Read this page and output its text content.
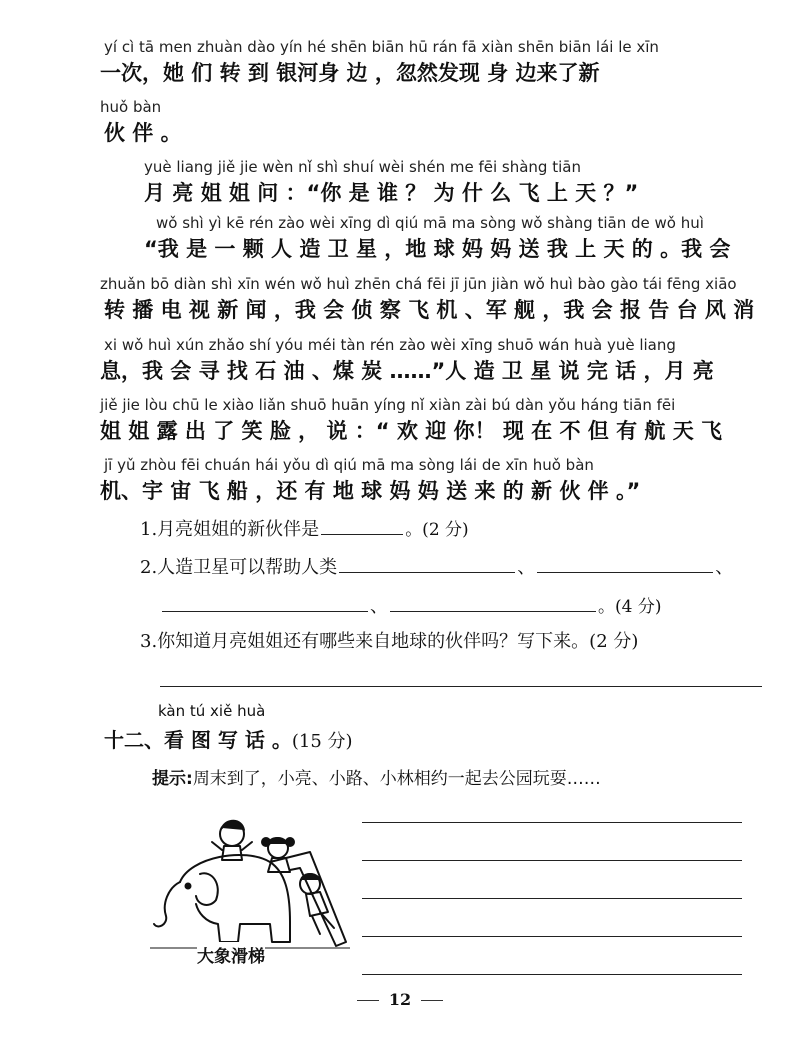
yí cì tā men zhuàn dào yín hé shēn biān hū rán fā xiàn shēn biān lái le xīn
一次，她 们 转 到 银河身 边 ，忽然发现 身 边来了新
huǒ bàn
伙 伴 。
yuè liang jiě jie wèn nǐ shì shuí wèi shén me fēi shàng tiān
月 亮 姐 姐 问 ：“你 是 谁 ？ 为 什 么 飞 上 天 ？”
wǒ shì yì kē rén zào wèi xīng dì qiú mā ma sòng wǒ shàng tiān de wǒ huì
“我 是 一 颗 人 造 卫 星 ，地 球 妈 妈 送 我 上 天 的 。我 会
zhuǎn bō diàn shì xīn wén wǒ huì zhēn chá fēi jī jūn jiàn wǒ huì bào gào tái fēng xiāo
转 播 电 视 新 闻 ，我 会 侦 察 飞 机 、军 舰 ，我 会 报 告 台 风 消
xi wǒ huì xún zhǎo shí yóu méi tàn rén zào wèi xīng shuō wán huà yuè liang
息，我 会 寻 找 石 油 、煤 炭 ……”人 造 卫 星 说 完 话 ，月 亮
jiě jie lòu chū le xiào liǎn shuō huān yíng nǐ xiàn zài bú dàn yǒu háng tiān fēi
姐 姐 露 出 了 笑 脸 ， 说 ：“ 欢 迎 你！ 现 在 不 但 有 航 天 飞
jī yǔ zhòu fēi chuán hái yǒu dì qiú mā ma sòng lái de xīn huǒ bàn
机、宇 宙 飞 船 ，还 有 地 球 妈 妈 送 来 的 新 伙 伴 。”
1.月亮姐姐的新伙伴是	。(2 分)
2.人造卫星可以帮助人类	、	、
、	。(4 分)
3.你知道月亮姐姐还有哪些来自地球的伙伴吗？写下来。(2 分)
kàn tú xiě huà
十二、看 图 写 话 。(15 分)
提示:周末到了，小亮、小路、小林相约一起去公园玩耍……
大象滑梯
12
